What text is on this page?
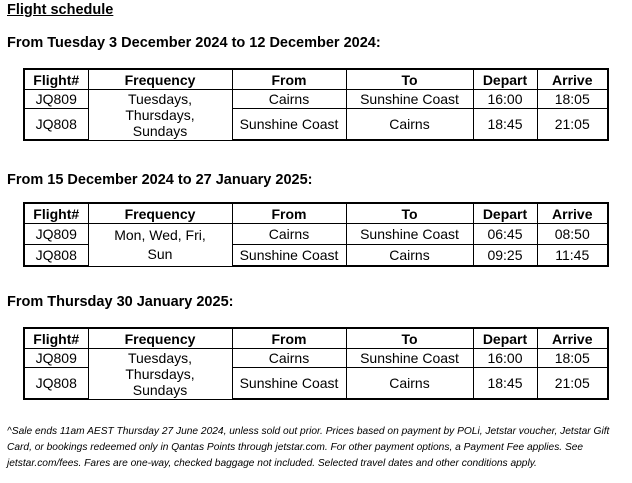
Flight schedule
From Tuesday 3 December 2024 to 12 December 2024:
Flight#	Frequency	From	To	Depart	Arrive
JQ809	Tuesdays,
Thursdays,
Sundays	Cairns	Sunshine Coast	16:00	18:05
JQ808		Sunshine Coast	Cairns	18:45	21:05
From 15 December 2024 to 27 January 2025:
Flight#	Frequency	From	To	Depart	Arrive
JQ809	Mon, Wed, Fri,
Sun	Cairns	Sunshine Coast	06:45	08:50
JQ808		Sunshine Coast	Cairns	09:25	11:45
From Thursday 30 January 2025:
Flight#	Frequency	From	To	Depart	Arrive
JQ809	Tuesdays,
Thursdays,
Sundays	Cairns	Sunshine Coast	16:00	18:05
JQ808		Sunshine Coast	Cairns	18:45	21:05
^Sale ends 11am AEST Thursday 27 June 2024, unless sold out prior. Prices based on payment by POLi, Jetstar voucher, Jetstar Gift Card, or bookings redeemed only in Qantas Points through jetstar.com. For other payment options, a Payment Fee applies. See jetstar.com/fees. Fares are one-way, checked baggage not included. Selected travel dates and other conditions apply.
